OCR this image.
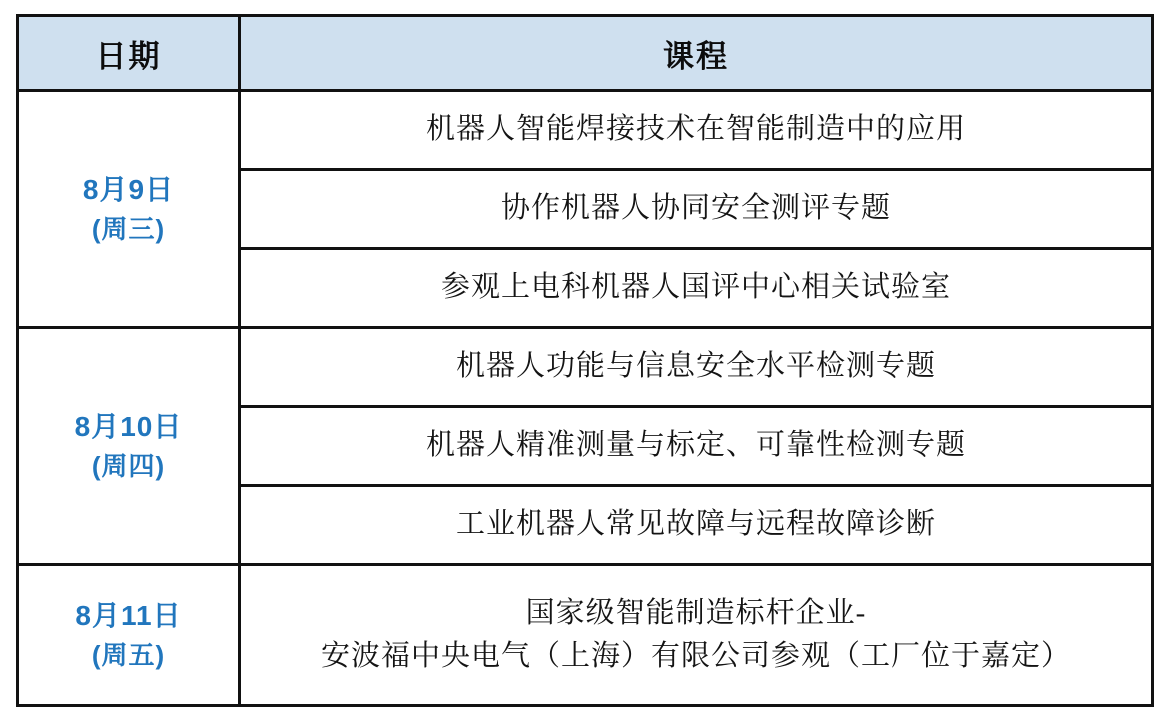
日期	课程
8月9日
(周三)	机器人智能焊接技术在智能制造中的应用
	协作机器人协同安全测评专题
	参观上电科机器人国评中心相关试验室
8月10日
(周四)	机器人功能与信息安全水平检测专题
	机器人精准测量与标定、可靠性检测专题
	工业机器人常见故障与远程故障诊断
8月11日
(周五)	国家级智能制造标杆企业-
安波福中央电气（上海）有限公司参观（工厂位于嘉定）
